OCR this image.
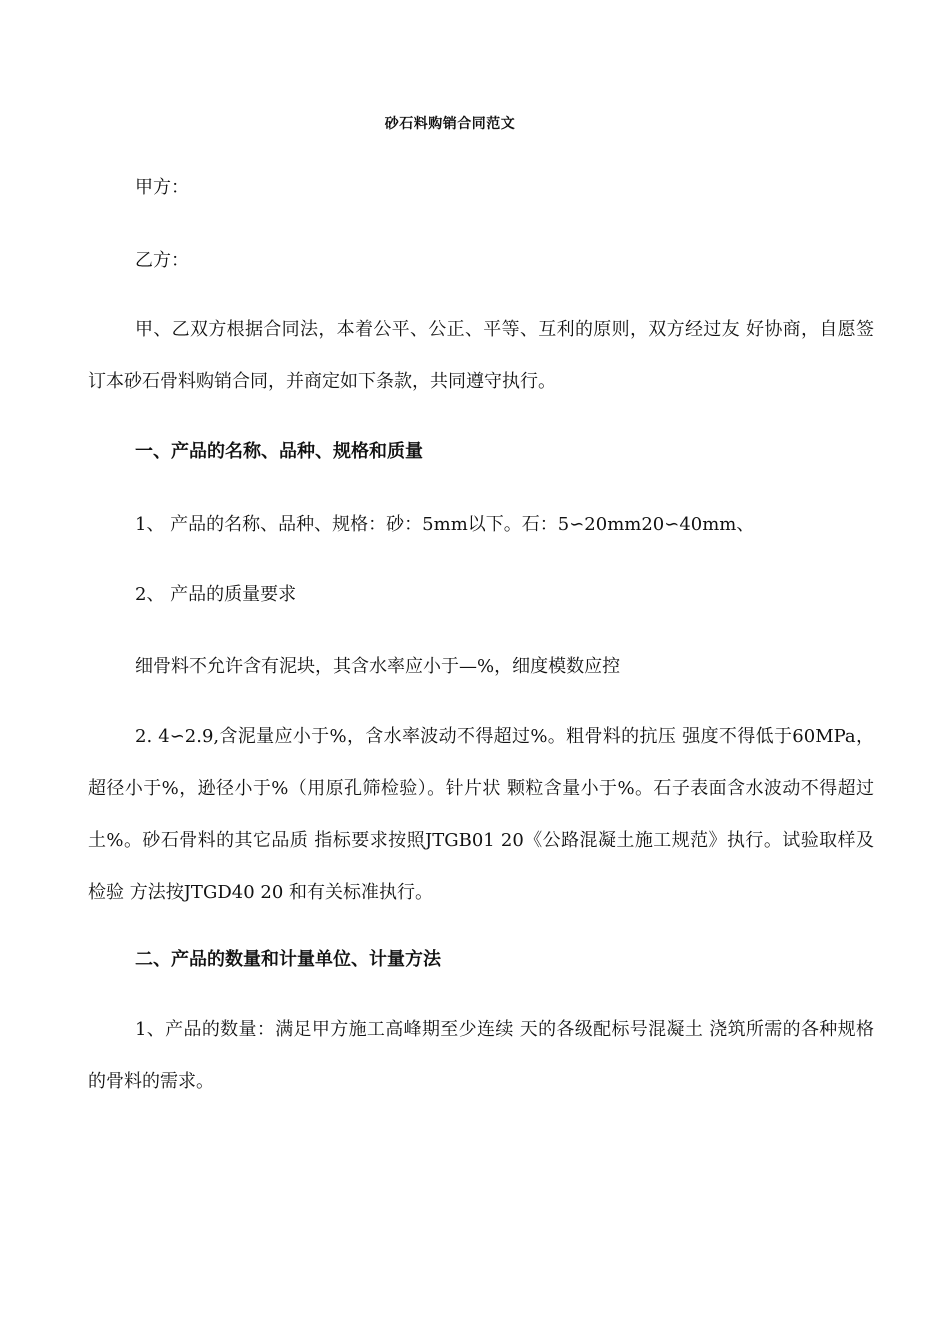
砂石料购销合同范文
甲方：
乙方：
甲、乙双方根据合同法，本着公平、公正、平等、互利的原则，双方经过友 好协商，自愿签订本砂石骨料购销合同，并商定如下条款，共同遵守执行。
一、产品的名称、品种、规格和质量
1、 产品的名称、品种、规格：砂：5mm以下。石：5∽20mm20∽40mm、
2、 产品的质量要求
细骨料不允许含有泥块，其含水率应小于—%，细度模数应控
2. 4∽2.9,含泥量应小于%，含水率波动不得超过%。粗骨料的抗压 强度不得低于60MPa，超径小于%，逊径小于%（用原孔筛检验）。针片状 颗粒含量小于%。石子表面含水波动不得超过土%。砂石骨料的其它品质 指标要求按照JTGB01 20《公路混凝土施工规范》执行。试验取样及检验 方法按JTGD40 20 和有关标准执行。
二、产品的数量和计量单位、计量方法
1、产品的数量：满足甲方施工高峰期至少连续 天的各级配标号混凝土 浇筑所需的各种规格的骨料的需求。
